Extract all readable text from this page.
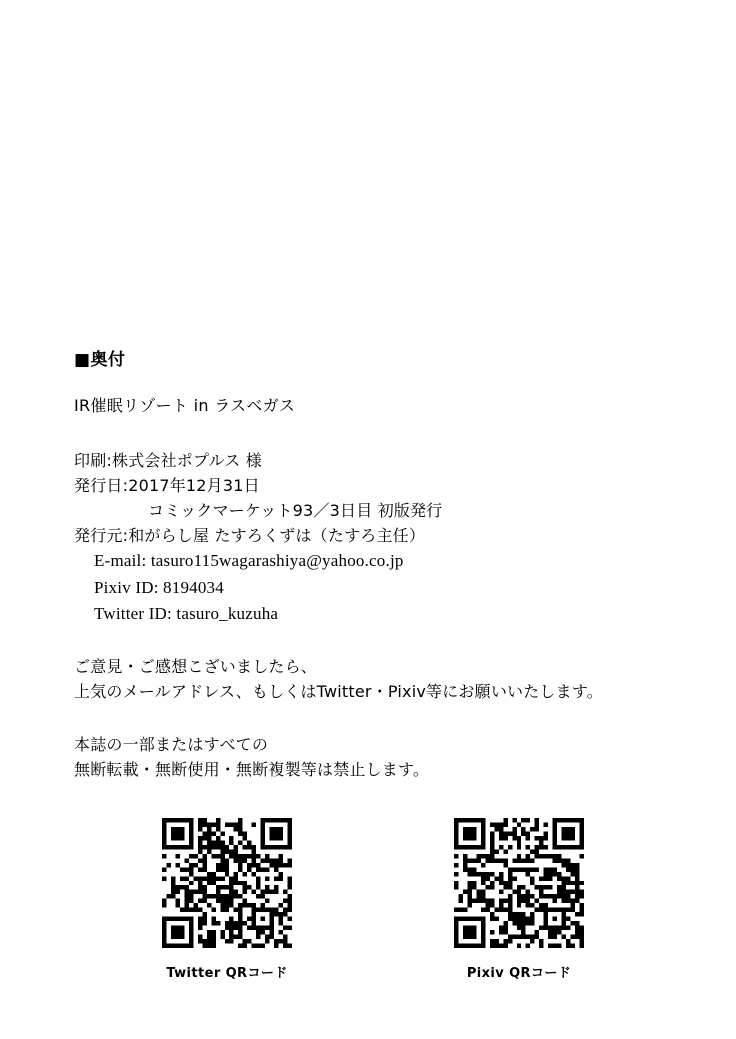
■奥付
IR催眠リゾート in ラスベガス
印刷:株式会社ポプルス 様
発行日:2017年12月31日
コミックマーケット93／3日目 初版発行
発行元:和がらし屋 たすろくずは（たすろ主任）
E-mail: tasuro115wagarashiya@yahoo.co.jp
Pixiv ID: 8194034
Twitter ID: tasuro_kuzuha
ご意見・ご感想こざいましたら、
上気のメールアドレス、もしくはTwitter・Pixiv等にお願いいたします。
本誌の一部またはすべての
無断転載・無断使用・無断複製等は禁止します。
Twitter QRコード	Pixiv QRコード
